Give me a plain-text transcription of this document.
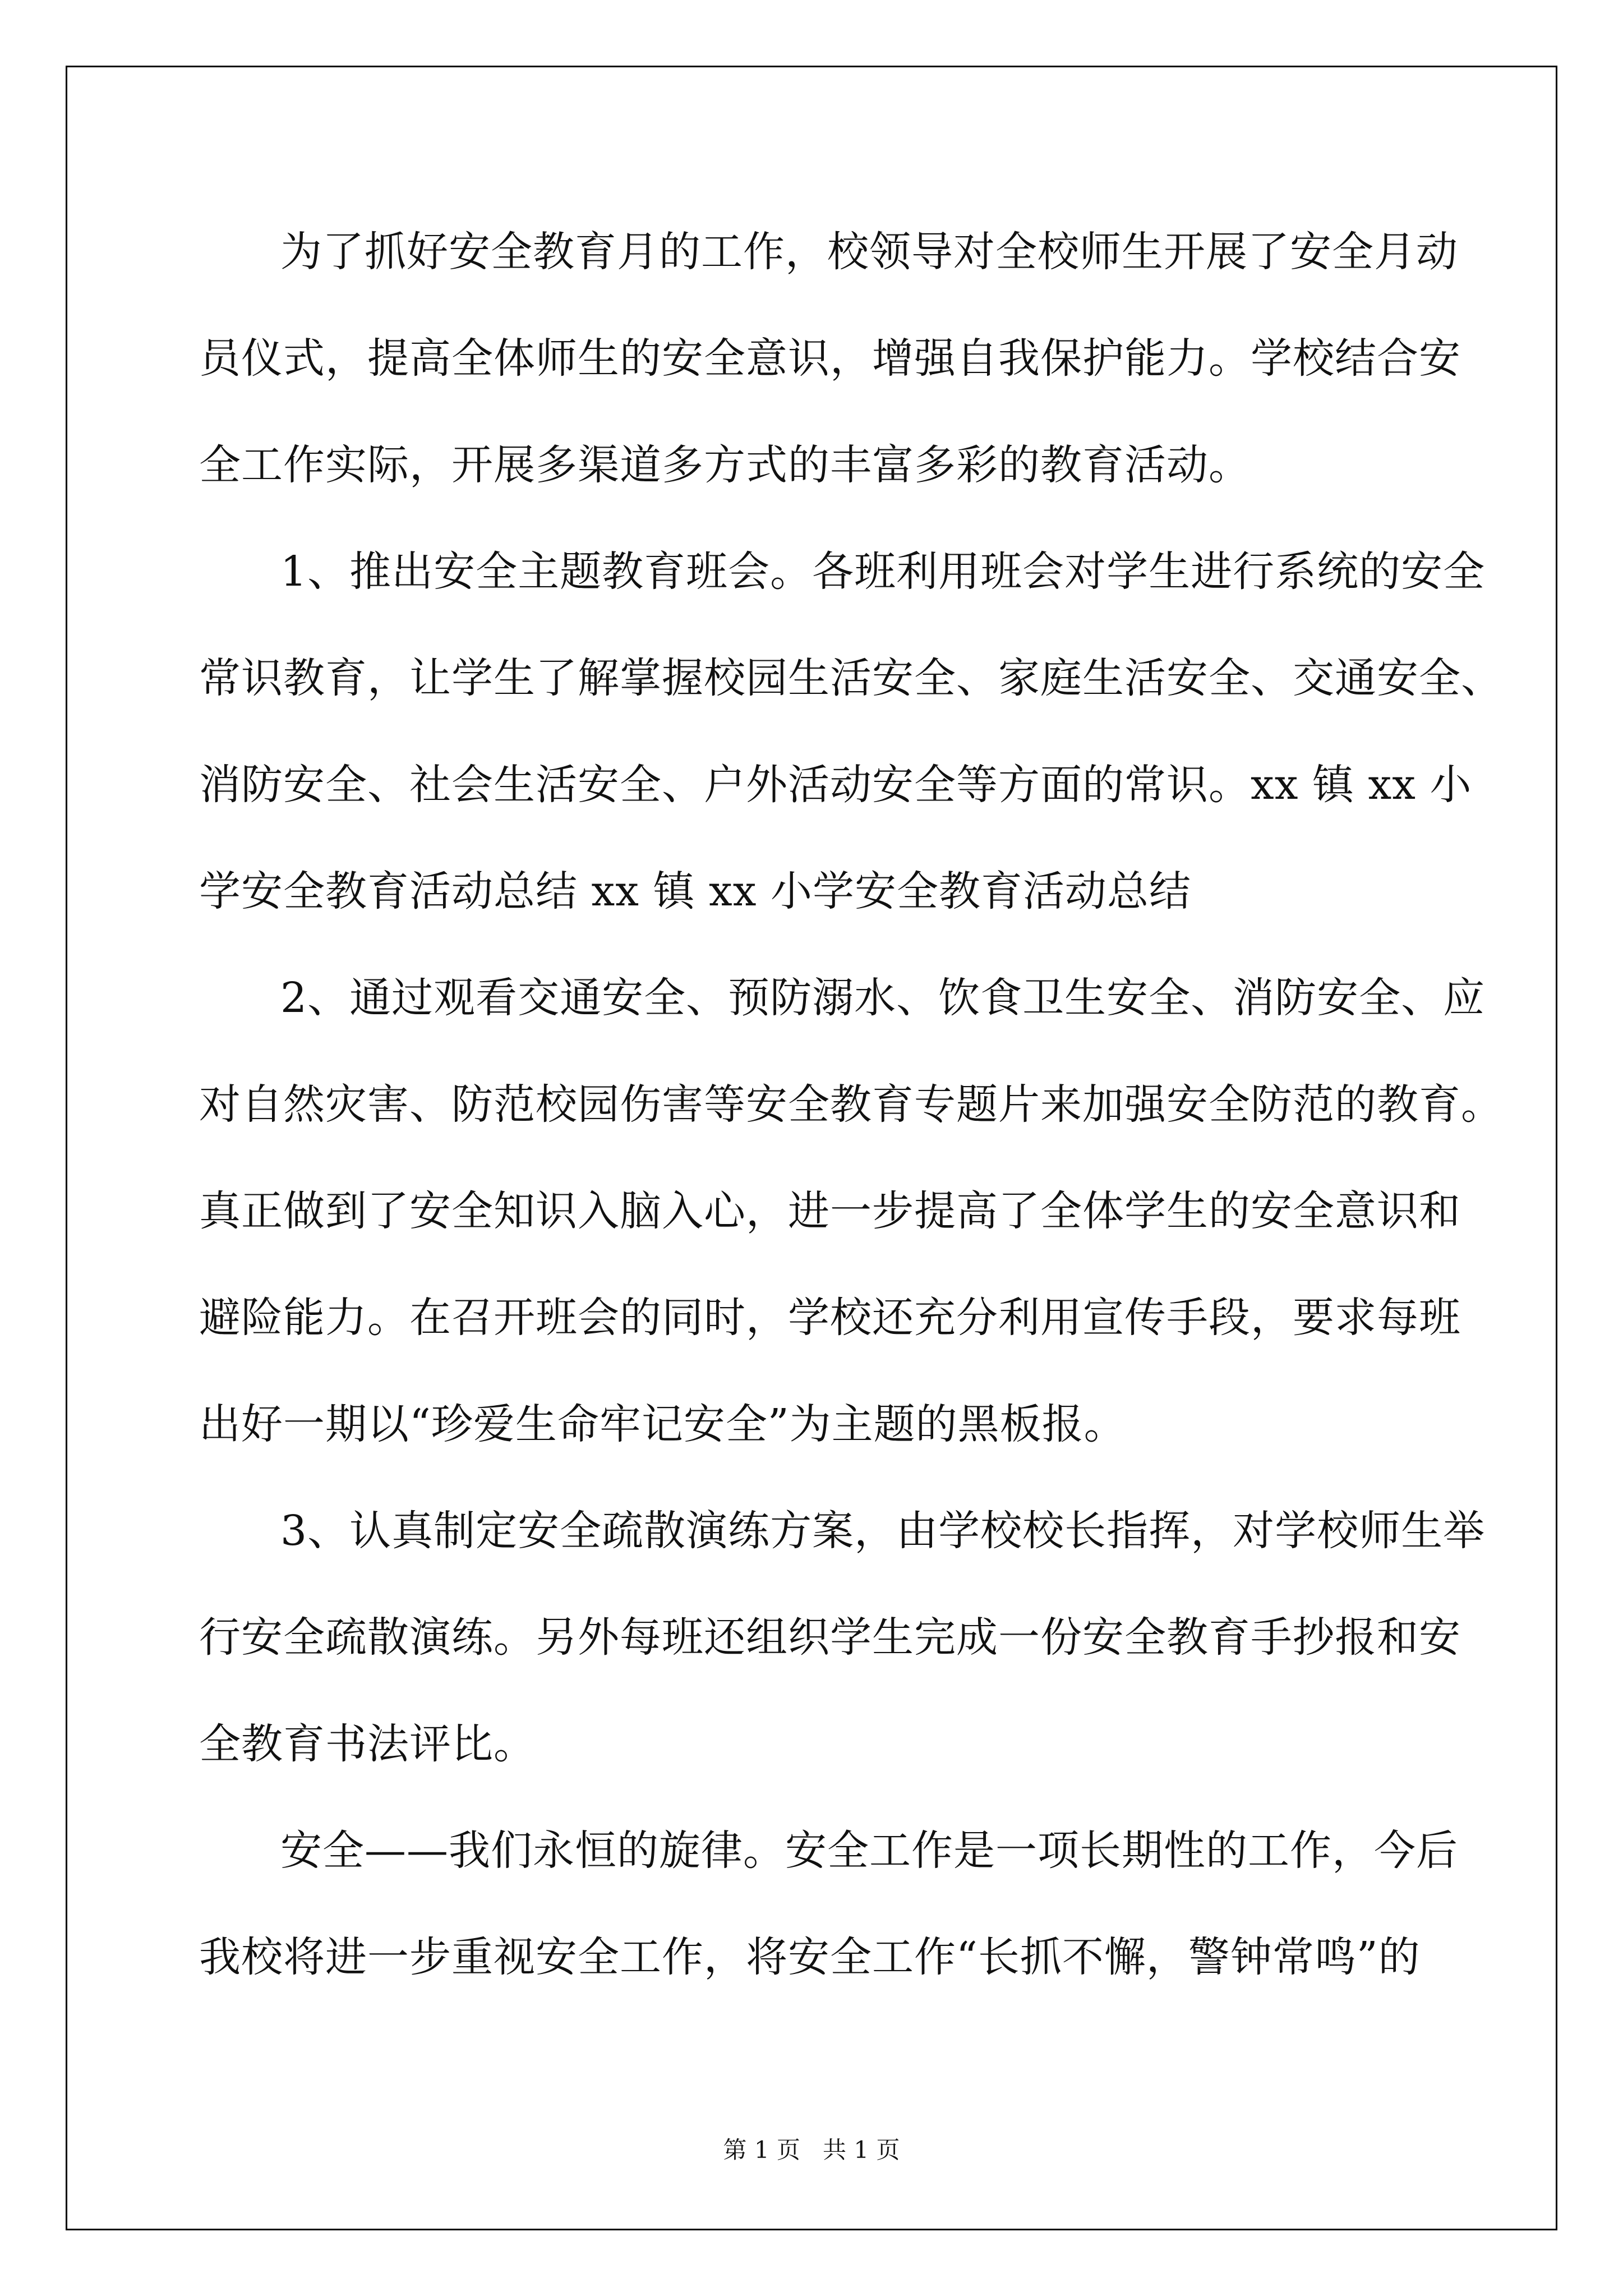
为了抓好安全教育月的工作，校领导对全校师生开展了安全月动
员仪式，提高全体师生的安全意识，增强自我保护能力。学校结合安
全工作实际，开展多渠道多方式的丰富多彩的教育活动。
1、推出安全主题教育班会。各班利用班会对学生进行系统的安全
常识教育，让学生了解掌握校园生活安全、家庭生活安全、交通安全、
消防安全、社会生活安全、户外活动安全等方面的常识。xx 镇 xx 小
学安全教育活动总结 xx 镇 xx 小学安全教育活动总结
2、通过观看交通安全、预防溺水、饮食卫生安全、消防安全、应
对自然灾害、防范校园伤害等安全教育专题片来加强安全防范的教育。
真正做到了安全知识入脑入心，进一步提高了全体学生的安全意识和
避险能力。在召开班会的同时，学校还充分利用宣传手段，要求每班
出好一期以“珍爱生命牢记安全”为主题的黑板报。
3、认真制定安全疏散演练方案，由学校校长指挥，对学校师生举
行安全疏散演练。另外每班还组织学生完成一份安全教育手抄报和安
全教育书法评比。
安全——我们永恒的旋律。安全工作是一项长期性的工作，今后
我校将进一步重视安全工作，将安全工作“长抓不懈，警钟常鸣”的
第 1 页   共 1 页
